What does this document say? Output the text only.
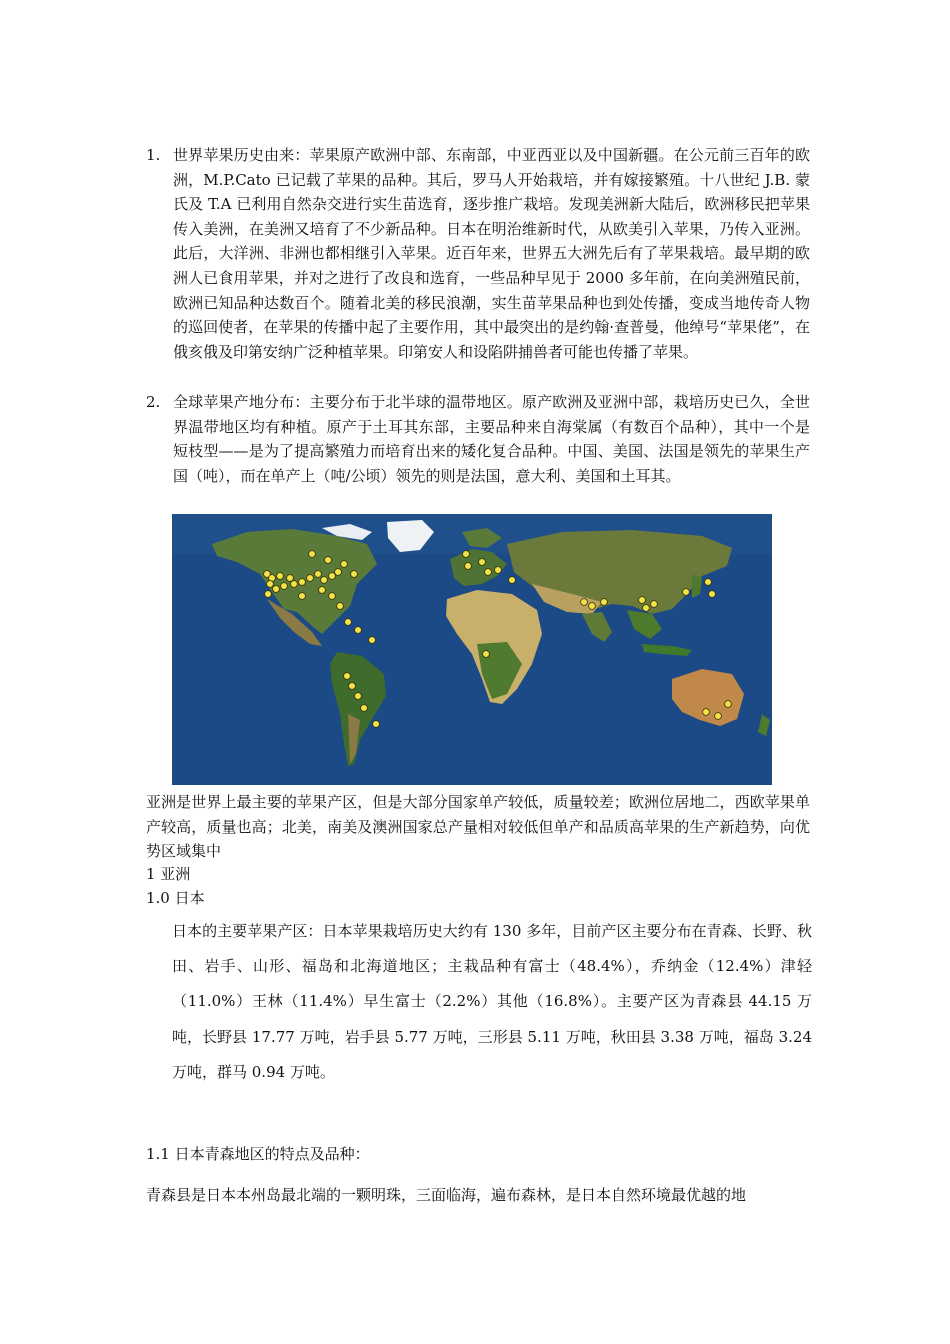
1. 世界苹果历史由来：苹果原产欧洲中部、东南部，中亚西亚以及中国新疆。在公元前三百年的欧洲，M.P.Cato 已记载了苹果的品种。其后，罗马人开始栽培，并有嫁接繁殖。十八世纪 J.B. 蒙氏及 T.A 已利用自然杂交进行实生苗选育，逐步推广栽培。发现美洲新大陆后，欧洲移民把苹果传入美洲，在美洲又培育了不少新品种。日本在明治维新时代，从欧美引入苹果，乃传入亚洲。此后，大洋洲、非洲也都相继引入苹果。近百年来，世界五大洲先后有了苹果栽培。最早期的欧洲人已食用苹果，并对之进行了改良和选育，一些品种早见于 2000 多年前，在向美洲殖民前，欧洲已知品种达数百个。随着北美的移民浪潮，实生苗苹果品种也到处传播，变成当地传奇人物的巡回使者，在苹果的传播中起了主要作用，其中最突出的是约翰·查普曼，他绰号“苹果佬”，在俄亥俄及印第安纳广泛种植苹果。印第安人和设陷阱捕兽者可能也传播了苹果。
2. 全球苹果产地分布：主要分布于北半球的温带地区。原产欧洲及亚洲中部，栽培历史已久，全世界温带地区均有种植。原产于土耳其东部，主要品种来自海棠属（有数百个品种），其中一个是短枝型——是为了提高繁殖力而培育出来的矮化复合品种。中国、美国、法国是领先的苹果生产国（吨），而在单产上（吨/公顷）领先的则是法国，意大利、美国和土耳其。
亚洲是世界上最主要的苹果产区，但是大部分国家单产较低，质量较差；欧洲位居地二，西欧苹果单产较高，质量也高；北美，南美及澳洲国家总产量相对较低但单产和品质高苹果的生产新趋势，向优势区域集中
1 亚洲
1.0 日本
日本的主要苹果产区：日本苹果栽培历史大约有 130 多年，目前产区主要分布在青森、长野、秋田、岩手、山形、福岛和北海道地区；主栽品种有富士（48.4%），乔纳金（12.4%）津轻（11.0%）王林（11.4%）早生富士（2.2%）其他（16.8%）。主要产区为青森县 44.15 万吨，长野县 17.77 万吨，岩手县 5.77 万吨，三形县 5.11 万吨，秋田县 3.38 万吨，福岛 3.24 万吨，群马 0.94 万吨。
1.1 日本青森地区的特点及品种：
青森县是日本本州岛最北端的一颗明珠，三面临海，遍布森林，是日本自然环境最优越的地
